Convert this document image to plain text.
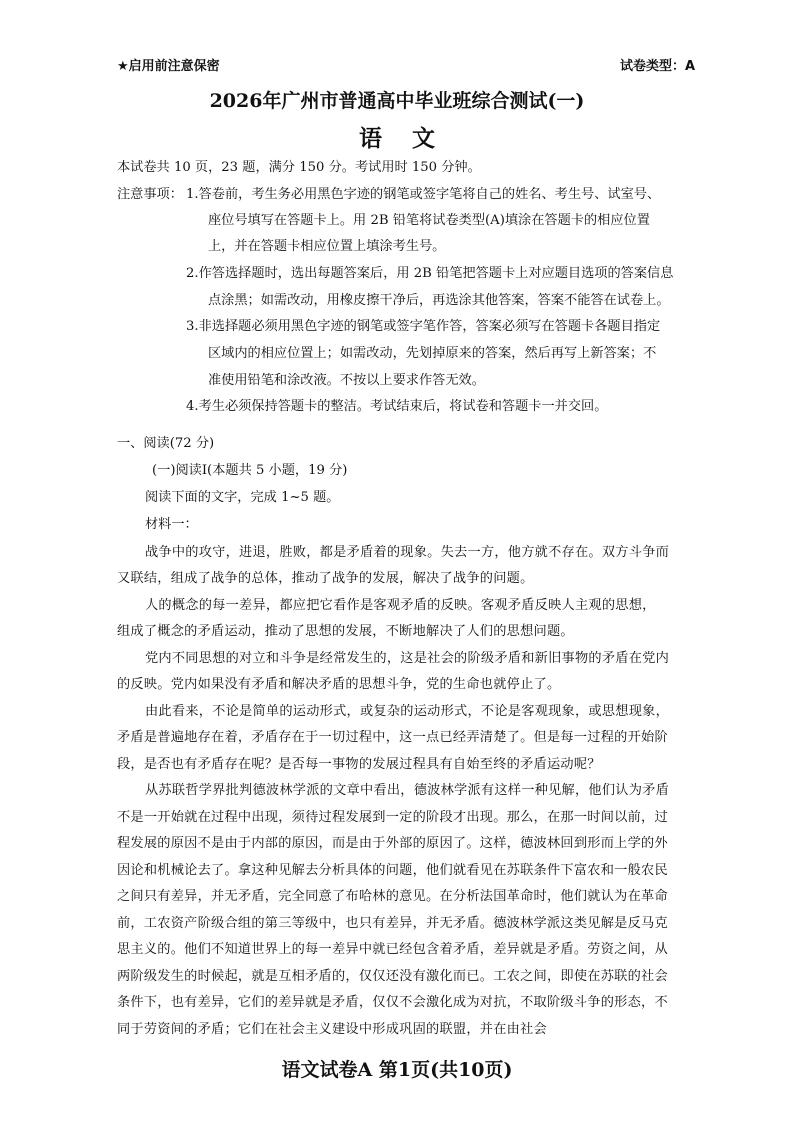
★启用前注意保密	试卷类型：A
2026年广州市普通高中毕业班综合测试(一)
语文
本试卷共 10 页，23 题，满分 150 分。考试用时 150 分钟。
注意事项： 1.答卷前，考生务必用黑色字迹的钢笔或签字笔将自己的姓名、考生号、试室号、
座位号填写在答题卡上。用 2B 铅笔将试卷类型(A)填涂在答题卡的相应位置
上，并在答题卡相应位置上填涂考生号。
2.作答选择题时，选出每题答案后，用 2B 铅笔把答题卡上对应题目选项的答案信息
点涂黑；如需改动，用橡皮擦干净后，再选涂其他答案，答案不能答在试卷上。
3.非选择题必须用黑色字迹的钢笔或签字笔作答，答案必须写在答题卡各题目指定
区域内的相应位置上；如需改动，先划掉原来的答案，然后再写上新答案；不
准使用铅笔和涂改液。不按以上要求作答无效。
4.考生必须保持答题卡的整洁。考试结束后，将试卷和答题卡一并交回。
一、阅读(72 分)
(一)阅读Ⅰ(本题共 5 小题，19 分)
阅读下面的文字，完成 1~5 题。
材料一：
战争中的攻守，进退，胜败，都是矛盾着的现象。失去一方，他方就不存在。双方斗争而
又联结，组成了战争的总体，推动了战争的发展，解决了战争的问题。
人的概念的每一差异，都应把它看作是客观矛盾的反映。客观矛盾反映人主观的思想，
组成了概念的矛盾运动，推动了思想的发展，不断地解决了人们的思想问题。
党内不同思想的对立和斗争是经常发生的，这是社会的阶级矛盾和新旧事物的矛盾在党内
的反映。党内如果没有矛盾和解决矛盾的思想斗争，党的生命也就停止了。
由此看来，不论是简单的运动形式，或复杂的运动形式，不论是客观现象，或思想现象，
矛盾是普遍地存在着，矛盾存在于一切过程中，这一点已经弄清楚了。但是每一过程的开始阶
段，是否也有矛盾存在呢？是否每一事物的发展过程具有自始至终的矛盾运动呢？
从苏联哲学界批判德波林学派的文章中看出，德波林学派有这样一种见解，他们认为矛盾
不是一开始就在过程中出现，须待过程发展到一定的阶段才出现。那么，在那一时间以前，过
程发展的原因不是由于内部的原因，而是由于外部的原因了。这样，德波林回到形而上学的外
因论和机械论去了。拿这种见解去分析具体的问题，他们就看见在苏联条件下富农和一般农民
之间只有差异，并无矛盾，完全同意了布哈林的意见。在分析法国革命时，他们就认为在革命
前，工农资产阶级合组的第三等级中，也只有差异，并无矛盾。德波林学派这类见解是反马克
思主义的。他们不知道世界上的每一差异中就已经包含着矛盾，差异就是矛盾。劳资之间，从
两阶级发生的时候起，就是互相矛盾的，仅仅还没有激化而已。工农之间，即使在苏联的社会
条件下，也有差异，它们的差异就是矛盾，仅仅不会激化成为对抗，不取阶级斗争的形态，不
同于劳资间的矛盾；它们在社会主义建设中形成巩固的联盟，并在由社会
语文试卷A 第1页(共10页)
